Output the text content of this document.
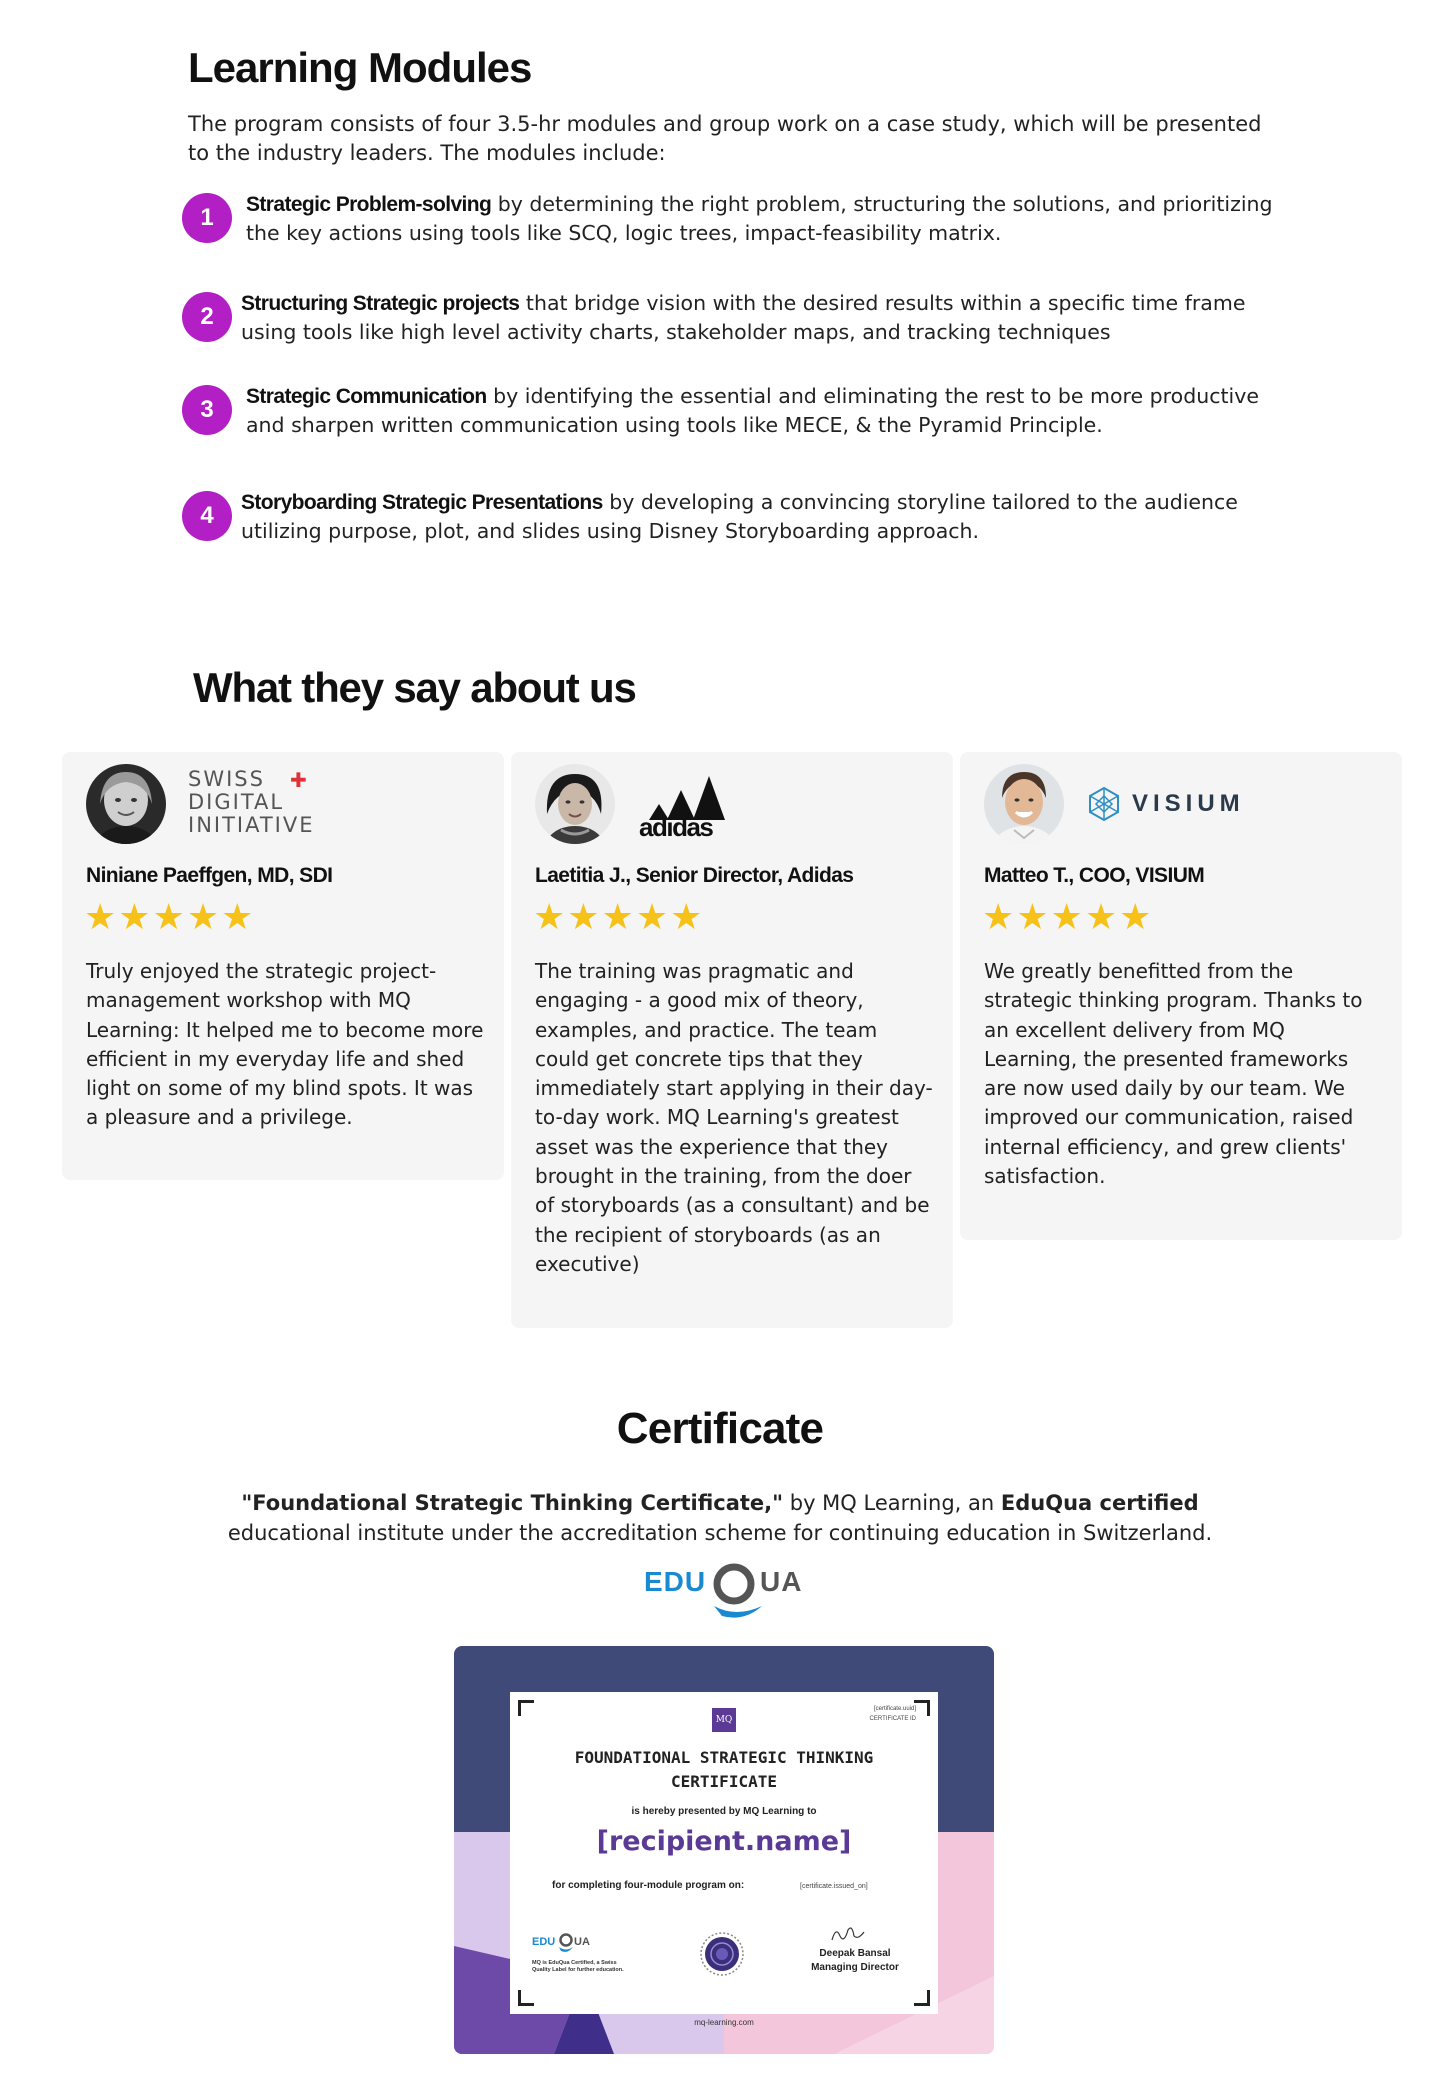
Learning Modules

The program consists of four 3.5-hr modules and group work on a case study, which will be presented to the industry leaders. The modules include:

1	Strategic Problem-solving by determining the right problem, structuring the solutions, and prioritizing the key actions using tools like SCQ, logic trees, impact-feasibility matrix.

2	Structuring Strategic projects that bridge vision with the desired results within a specific time frame using tools like high level activity charts, stakeholder maps, and tracking techniques

3	Strategic Communication by identifying the essential and eliminating the rest to be more productive and sharpen written communication using tools like MECE, & the Pyramid Principle.

4	Storyboarding Strategic Presentations by developing a convincing storyline tailored to the audience utilizing purpose, plot, and slides using Disney Storyboarding approach.

What they say about us
SWISS
DIGITAL
INITIATIVE
✚
Niniane Paeffgen, MD, SDI
★★★★★

Truly enjoyed the strategic project-management workshop with MQ Learning: It helped me to become more efficient in my everyday life and shed light on some of my blind spots. It was a pleasure and a privilege.

adidas
Laetitia J., Senior Director, Adidas
★★★★★

The training was pragmatic and engaging - a good mix of theory, examples, and practice. The team could get concrete tips that they immediately start applying in their day-to-day work. MQ Learning's greatest asset was the experience that they brought in the training, from the doer of storyboards (as a consultant) and be the recipient of storyboards (as an executive)

VISIUM
Matteo T., COO, VISIUM
★★★★★

We greatly benefitted from the strategic thinking program. Thanks to an excellent delivery from MQ Learning, the presented frameworks are now used daily by our team. We improved our communication, raised internal efficiency, and grew clients' satisfaction.

Certificate

"Foundational Strategic Thinking Certificate," by MQ Learning, an EduQua certified educational institute under the accreditation scheme for continuing education in Switzerland.

EDU UA
MQ
[certificate.uuid]
CERTIFICATE ID
FOUNDATIONAL STRATEGIC THINKING
CERTIFICATE
is hereby presented by MQ Learning to
[recipient.name]
for completing four-module program on:	[certificate.issued_on]
EDU UA
MQ is EduQua Certified, a Swiss
Quality Label for further education.
Deepak Bansal
Managing Director
mq-learning.com
